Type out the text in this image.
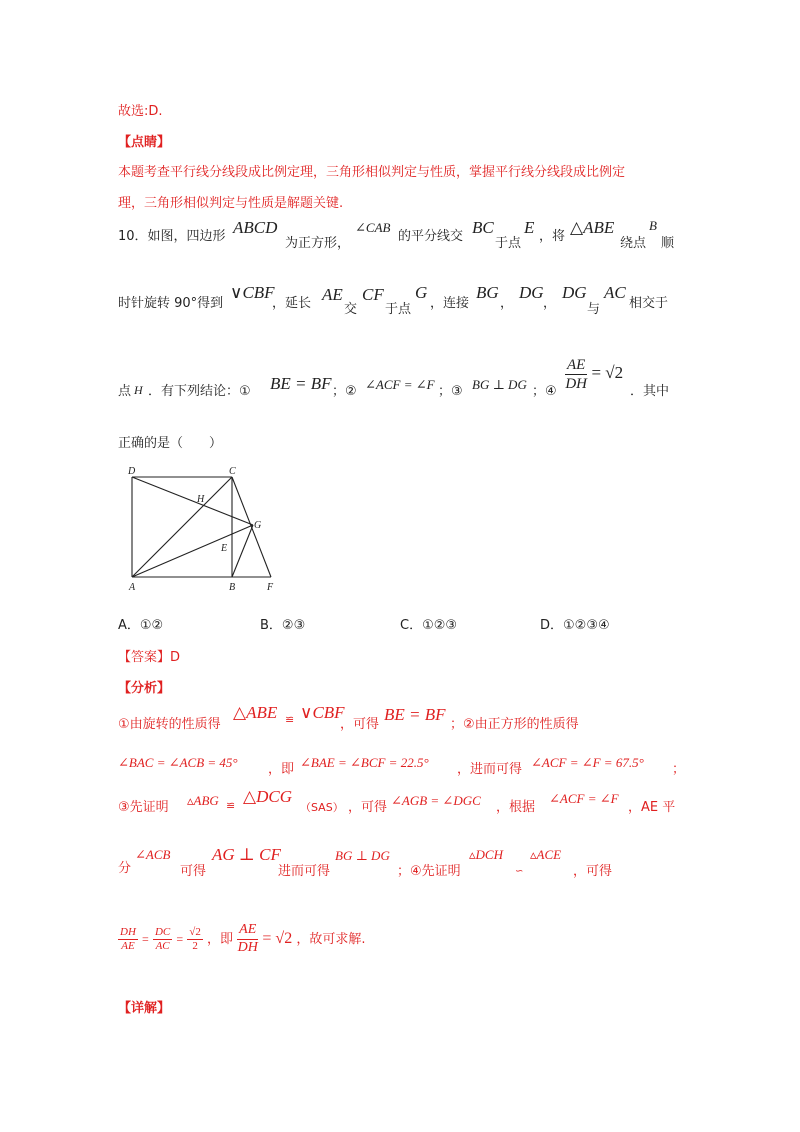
故选:D.
【点睛】
本题考查平行线分线段成比例定理，三角形相似判定与性质，掌握平行线分线段成比例定
理，三角形相似判定与性质是解题关键.
10．如图，四边形 ABCD
为正方形，
∠CAB
的平分线交 BC
于点
E ，将 △ABE
绕点
B
顺
时针旋转 90°得到
∨CBF
，延长 AE
交
CF
于点
G
，连接
BG
，
DG
，
DG
与
AC
相交于
点 H ．有下列结论：① BE = BF ；② ∠ACF = ∠F ；③ BG ⊥ DG ；④ $\frac{AE}{DH} = √2$
．其中
正确的是（　　）
D	C
H
G
E
A	B	F
A．①②	B．②③	C．①②③	D．①②③④
【答案】D
【分析】
①由旋转的性质得
△ABE ≌ ∨CBF
，可得
BE = BF
；②由正方形的性质得
∠BAC = ∠ACB = 45° ，即 ∠BAE = ∠BCF = 22.5° ，进而可得 ∠ACF = ∠F = 67.5° ；
③先证明 ▵ABG ≌ △DCG
（SAS） ，可得 ∠AGB = ∠DGC ，根据
∠ACF = ∠F
，AE 平
分
∠ACB
可得
AG ⊥ CF
进而可得
BG ⊥ DG
；④先证明
▵DCH
∽
▵ACE
，可得
$\frac{DH}{AE} = \frac{DC}{AC} = \frac{√2}{2}$ ，即 $\frac{AE}{DH} = √2$ ，故可求解.
【详解】
